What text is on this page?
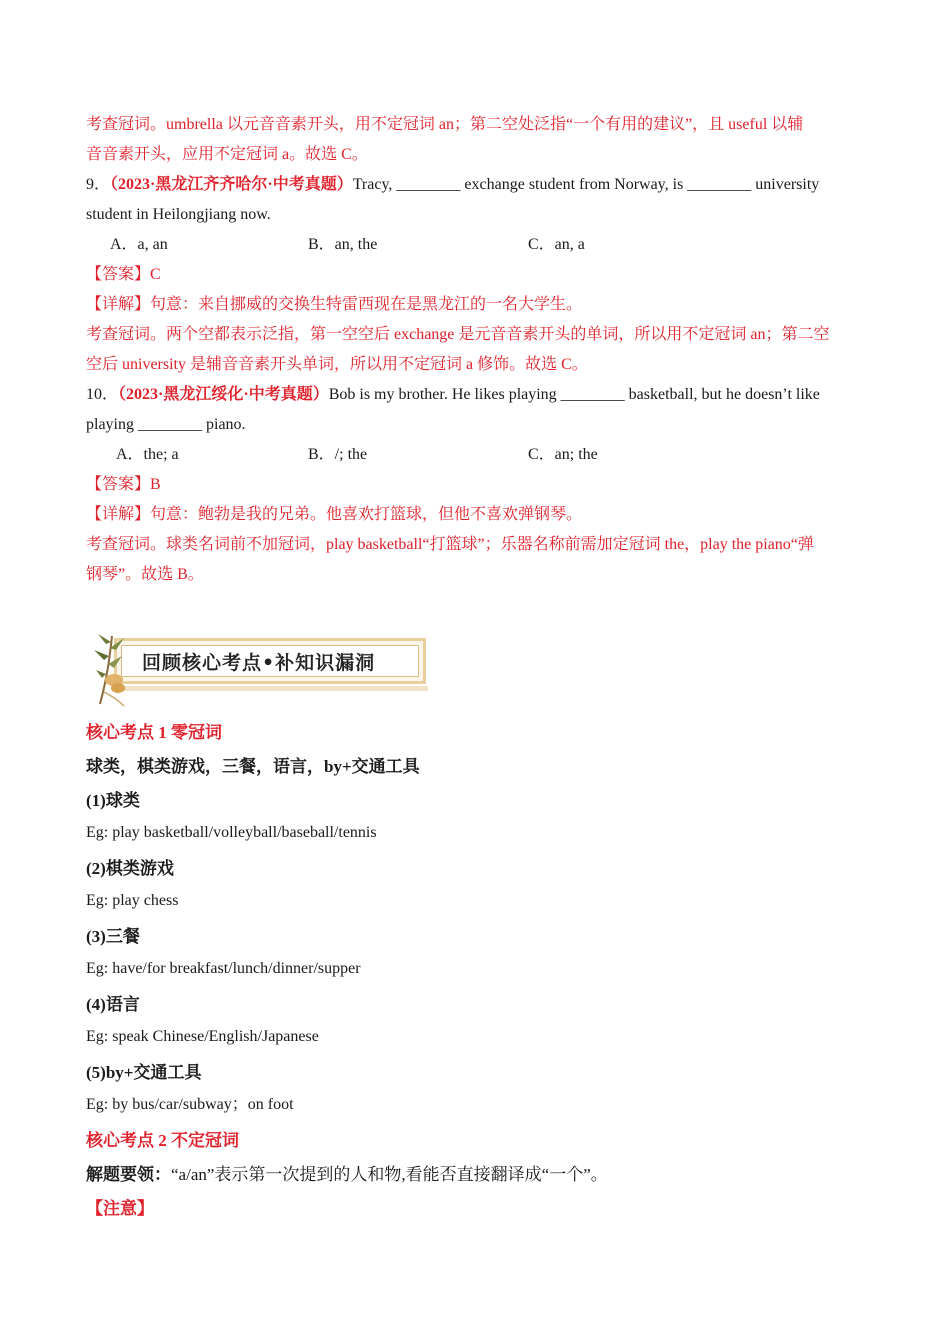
考查冠词。umbrella 以元音音素开头，用不定冠词 an；第二空处泛指“一个有用的建议”，且 useful 以辅
音音素开头，应用不定冠词 a。故选 C。
9．（2023·黑龙江齐齐哈尔·中考真题）Tracy, ________ exchange student from Norway, is ________ university
student in Heilongjiang now.
A．a, an	B．an, the	C．an, a
【答案】C
【详解】句意：来自挪威的交换生特雷西现在是黑龙江的一名大学生。
考查冠词。两个空都表示泛指，第一空空后 exchange 是元音音素开头的单词，所以用不定冠词 an；第二空
空后 university 是辅音音素开头单词，所以用不定冠词 a 修饰。故选 C。
10．（2023·黑龙江绥化·中考真题）Bob is my brother. He likes playing ________ basketball, but he doesn’t like
playing ________ piano.
A．the; a	B．/; the	C．an; the
【答案】B
【详解】句意：鲍勃是我的兄弟。他喜欢打篮球，但他不喜欢弹钢琴。
考查冠词。球类名词前不加冠词，play basketball“打篮球”；乐器名称前需加定冠词 the，play the piano“弹
钢琴”。故选 B。
回顾核心考点•补知识漏洞
核心考点 1 零冠词
球类，棋类游戏，三餐，语言，by+交通工具
(1)球类
Eg: play basketball/volleyball/baseball/tennis
(2)棋类游戏
Eg: play chess
(3)三餐
Eg: have/for breakfast/lunch/dinner/supper
(4)语言
Eg: speak Chinese/English/Japanese
(5)by+交通工具
Eg: by bus/car/subway；on foot
核心考点 2 不定冠词
解题要领：“a/an”表示第一次提到的人和物,看能否直接翻译成“一个”。
【注意】
